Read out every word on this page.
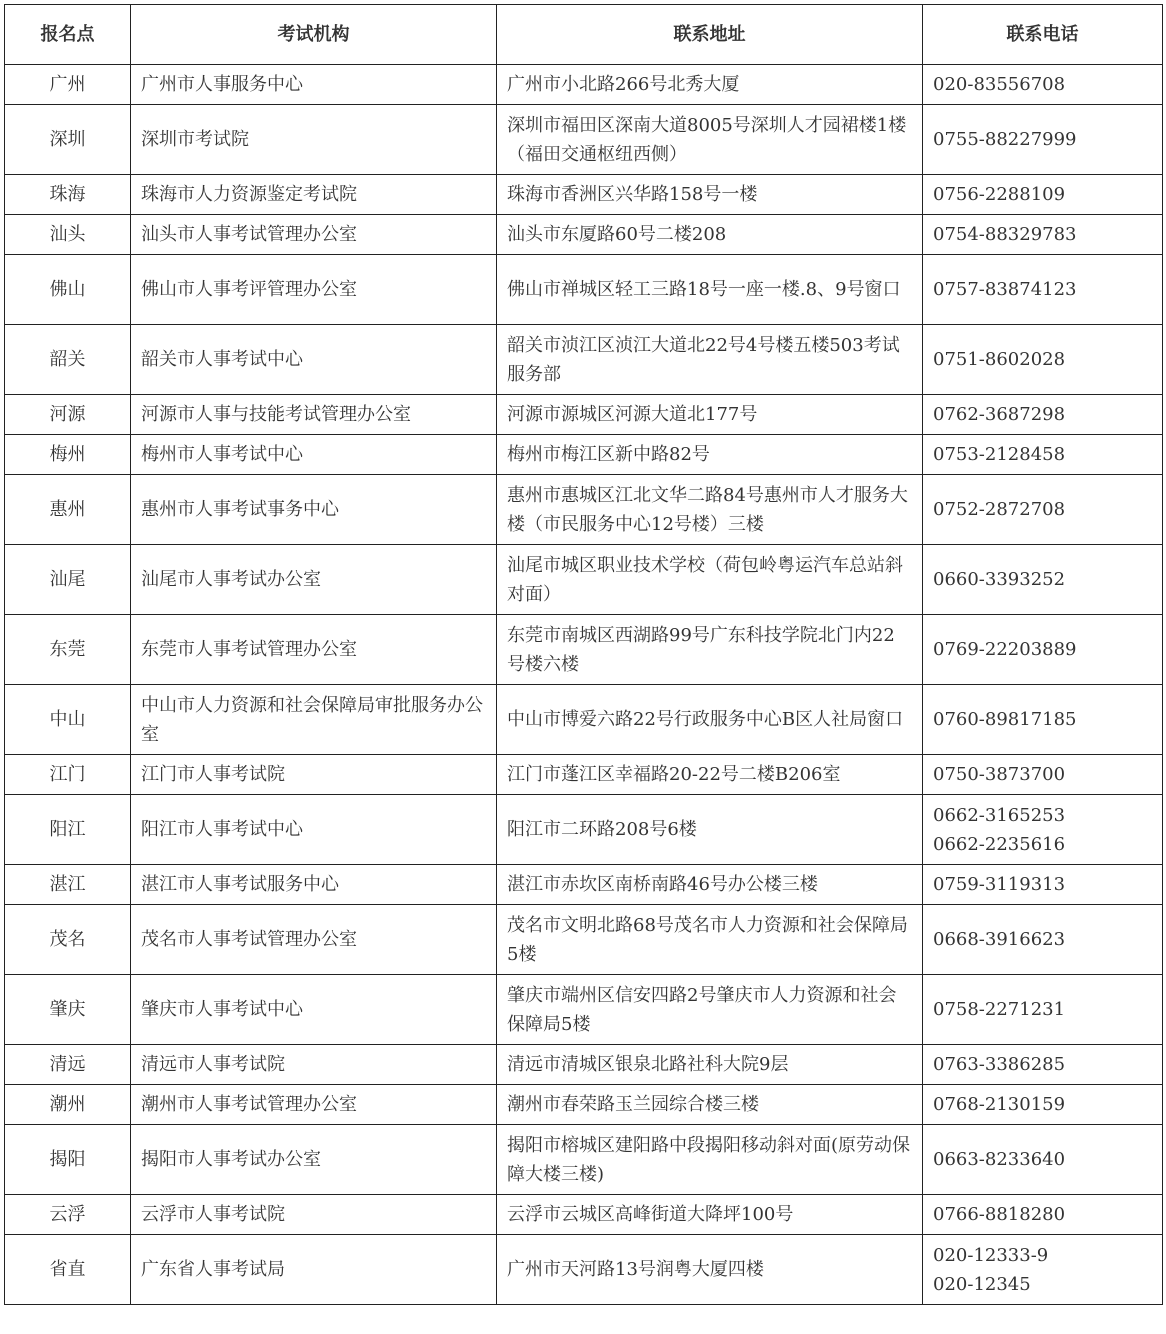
报名点	考试机构	联系地址	联系电话
广州	广州市人事服务中心	广州市小北路266号北秀大厦	020-83556708

深圳	深圳市考试院	深圳市福田区深南大道8005号深圳人才园裙楼1楼（福田交通枢纽西侧）	0755-88227999

珠海	珠海市人力资源鉴定考试院	珠海市香洲区兴华路158号一楼	0756-2288109

汕头	汕头市人事考试管理办公室	汕头市东厦路60号二楼208	0754-88329783

佛山	佛山市人事考评管理办公室	佛山市禅城区轻工三路18号一座一楼.8、9号窗口	0757-83874123

韶关	韶关市人事考试中心	韶关市浈江区浈江大道北22号4号楼五楼503考试服务部	0751-8602028

河源	河源市人事与技能考试管理办公室	河源市源城区河源大道北177号	0762-3687298

梅州	梅州市人事考试中心	梅州市梅江区新中路82号	0753-2128458

惠州	惠州市人事考试事务中心	惠州市惠城区江北文华二路84号惠州市人才服务大楼（市民服务中心12号楼）三楼	0752-2872708

汕尾	汕尾市人事考试办公室	汕尾市城区职业技术学校（荷包岭粤运汽车总站斜对面）	0660-3393252

东莞	东莞市人事考试管理办公室	东莞市南城区西湖路99号广东科技学院北门内22号楼六楼	0769-22203889

中山	中山市人力资源和社会保障局审批服务办公室	中山市博爱六路22号行政服务中心B区人社局窗口	0760-89817185

江门	江门市人事考试院	江门市蓬江区幸福路20-22号二楼B206室	0750-3873700

阳江	阳江市人事考试中心	阳江市二环路208号6楼	0662-3165253
0662-2235616

湛江	湛江市人事考试服务中心	湛江市赤坎区南桥南路46号办公楼三楼	0759-3119313

茂名	茂名市人事考试管理办公室	茂名市文明北路68号茂名市人力资源和社会保障局5楼	0668-3916623

肇庆	肇庆市人事考试中心	肇庆市端州区信安四路2号肇庆市人力资源和社会保障局5楼	0758-2271231

清远	清远市人事考试院	清远市清城区银泉北路社科大院9层	0763-3386285

潮州	潮州市人事考试管理办公室	潮州市春荣路玉兰园综合楼三楼	0768-2130159

揭阳	揭阳市人事考试办公室	揭阳市榕城区建阳路中段揭阳移动斜对面(原劳动保障大楼三楼)	0663-8233640

云浮	云浮市人事考试院	云浮市云城区高峰街道大降坪100号	0766-8818280

省直	广东省人事考试局	广州市天河路13号润粤大厦四楼	020-12333-9
020-12345
